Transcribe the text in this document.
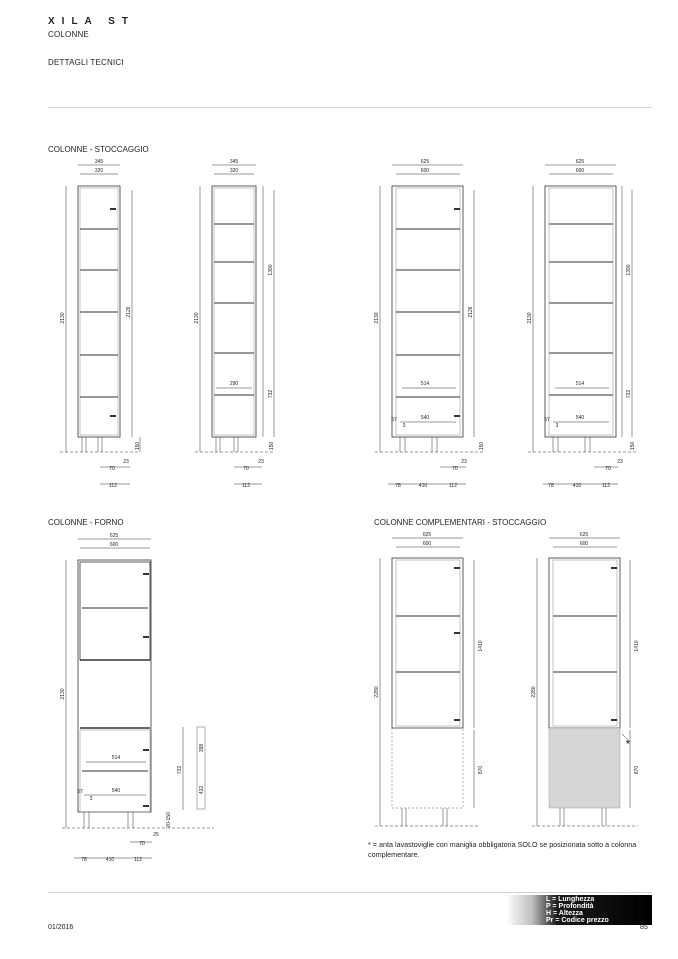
XILA ST
COLONNE
DETTAGLI TECNICI
COLONNE - STOCCAGGIO
COLONNE - FORNO	COLONNE COMPLEMENTARI - STOCCAGGIO
345
320
2130
2126
150
23
70
112
345
320
2130
1390
732
150
290
23
70
112
625
600
2130
2126
150
514
540
57
3
23
70
78	410	112
625
600
2130
1390
732
150
514
540
57
3
23
70
78	410	112
625
600
2130
732
398
432
20-150
514
540
57
3
25
70
78	410	112
625
600
2280
1410
870
625
600
2280
1410
870
*
* = anta lavastoviglie con maniglia obbligatoria SOLO se posizionata sotto a colonna complementare.
L = Lunghezza
P = Profondità
H = Altezza
Pr = Codice prezzo
01/2016	85
